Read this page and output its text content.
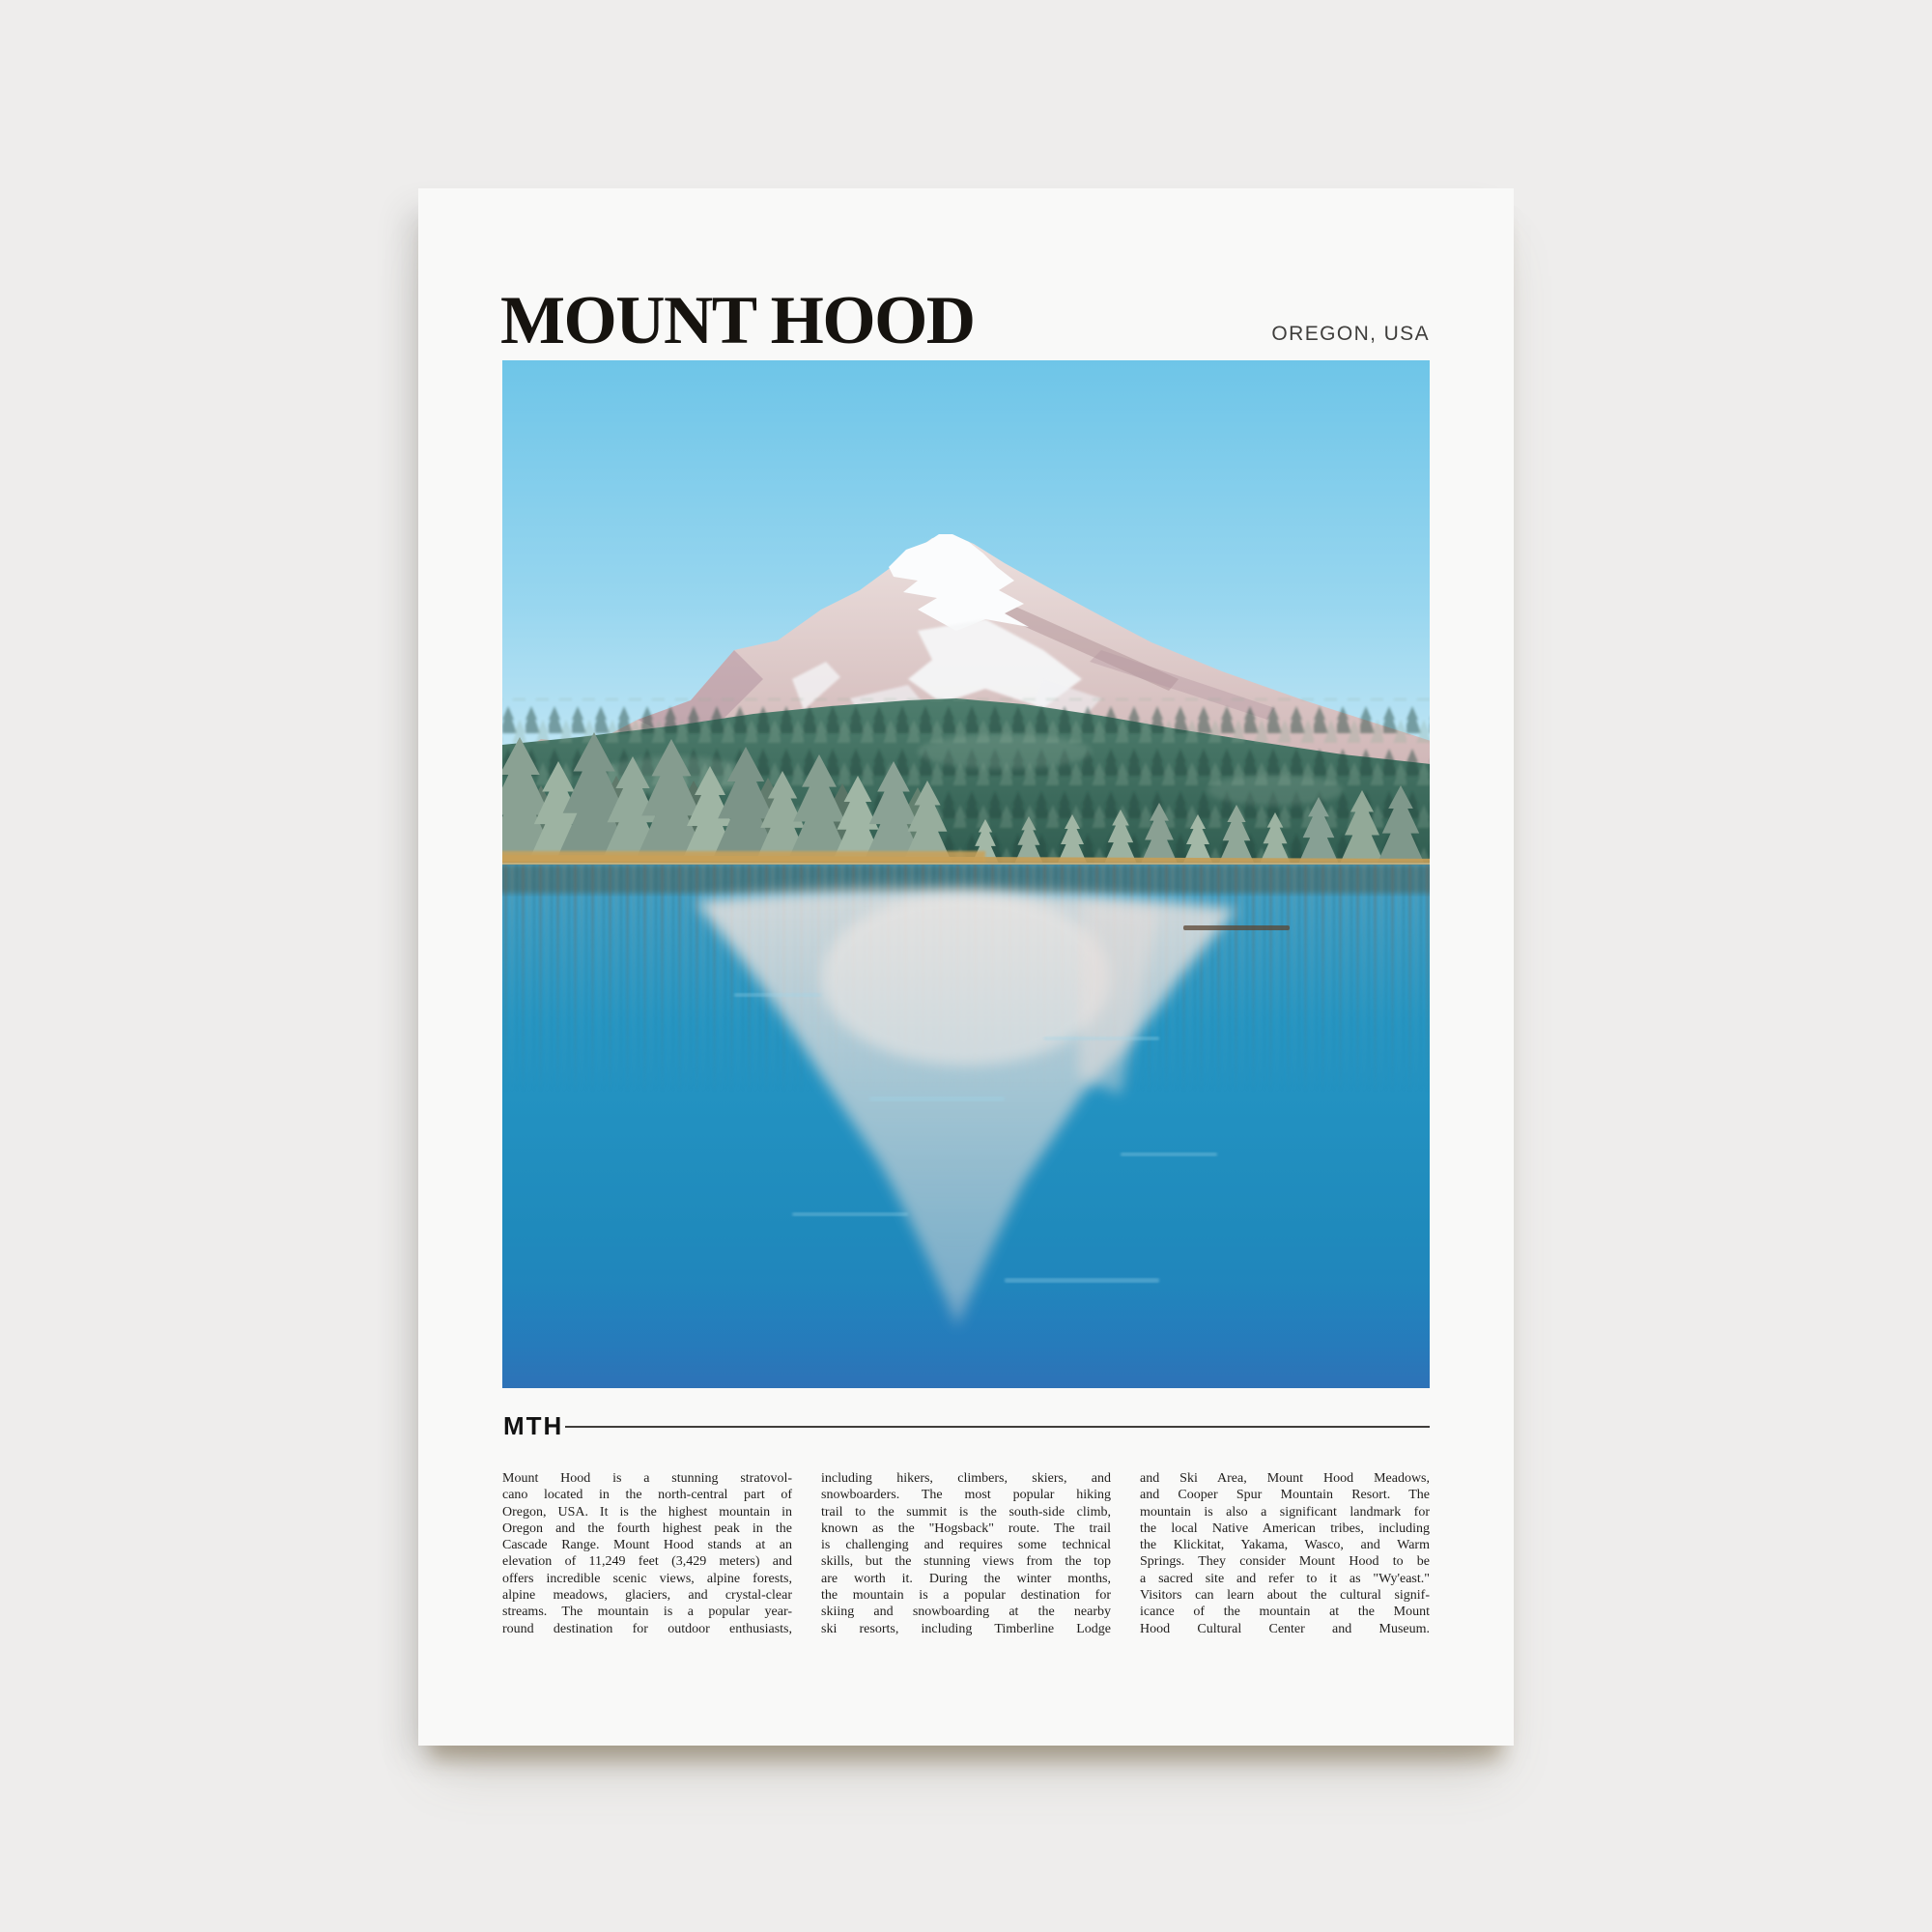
MOUNT HOOD	OREGON, USA
MTH
Mount Hood is a stunning stratovol-
cano located in the north-central part of
Oregon, USA. It is the highest mountain in
Oregon and the fourth highest peak in the
Cascade Range. Mount Hood stands at an
elevation of 11,249 feet (3,429 meters) and
offers incredible scenic views, alpine forests,
alpine meadows, glaciers, and crystal-clear
streams. The mountain is a popular year-
round destination for outdoor enthusiasts,
including hikers, climbers, skiers, and
snowboarders. The most popular hiking
trail to the summit is the south-side climb,
known as the "Hogsback" route. The trail
is challenging and requires some technical
skills, but the stunning views from the top
are worth it. During the winter months,
the mountain is a popular destination for
skiing and snowboarding at the nearby
ski resorts, including Timberline Lodge
and Ski Area, Mount Hood Meadows,
and Cooper Spur Mountain Resort. The
mountain is also a significant landmark for
the local Native American tribes, including
the Klickitat, Yakama, Wasco, and Warm
Springs. They consider Mount Hood to be
a sacred site and refer to it as "Wy'east."
Visitors can learn about the cultural signif-
icance of the mountain at the Mount
Hood Cultural Center and Museum.
